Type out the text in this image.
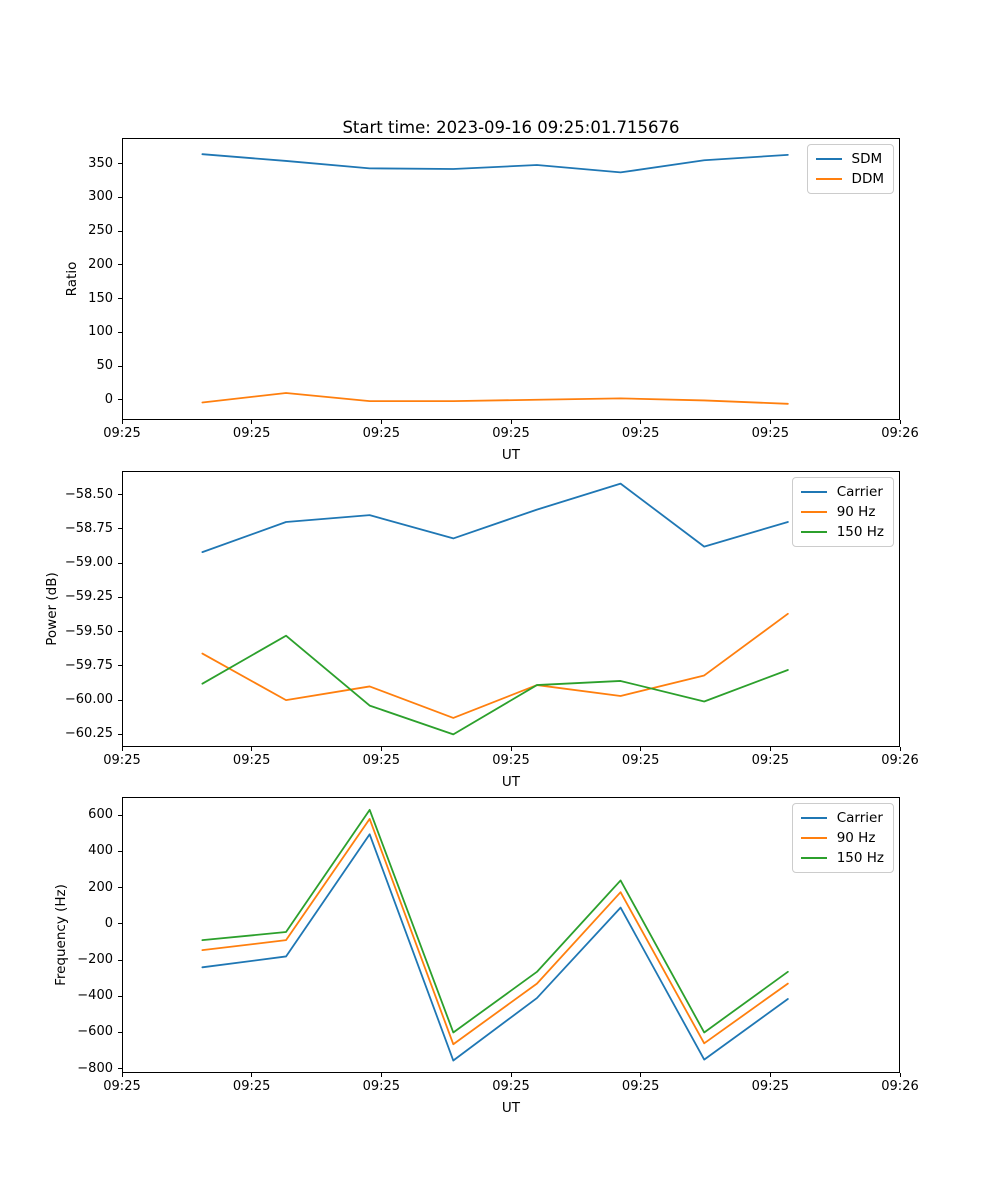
Start time: 2023-09-16 09:25:01.715676
09:25	09:25	09:25	09:25	09:25	09:25	09:26
0
50
100
150
200
250
300
350
UT
Ratio
SDM
DDM
09:25	09:25	09:25	09:25	09:25	09:25	09:26
−60.25
−60.00
−59.75
−59.50
−59.25
−59.00
−58.75
−58.50
UT
Power (dB)
Carrier
90 Hz
150 Hz
09:25	09:25	09:25	09:25	09:25	09:25	09:26
−800
−600
−400
−200
0
200
400
600
UT
Frequency (Hz)
Carrier
90 Hz
150 Hz
